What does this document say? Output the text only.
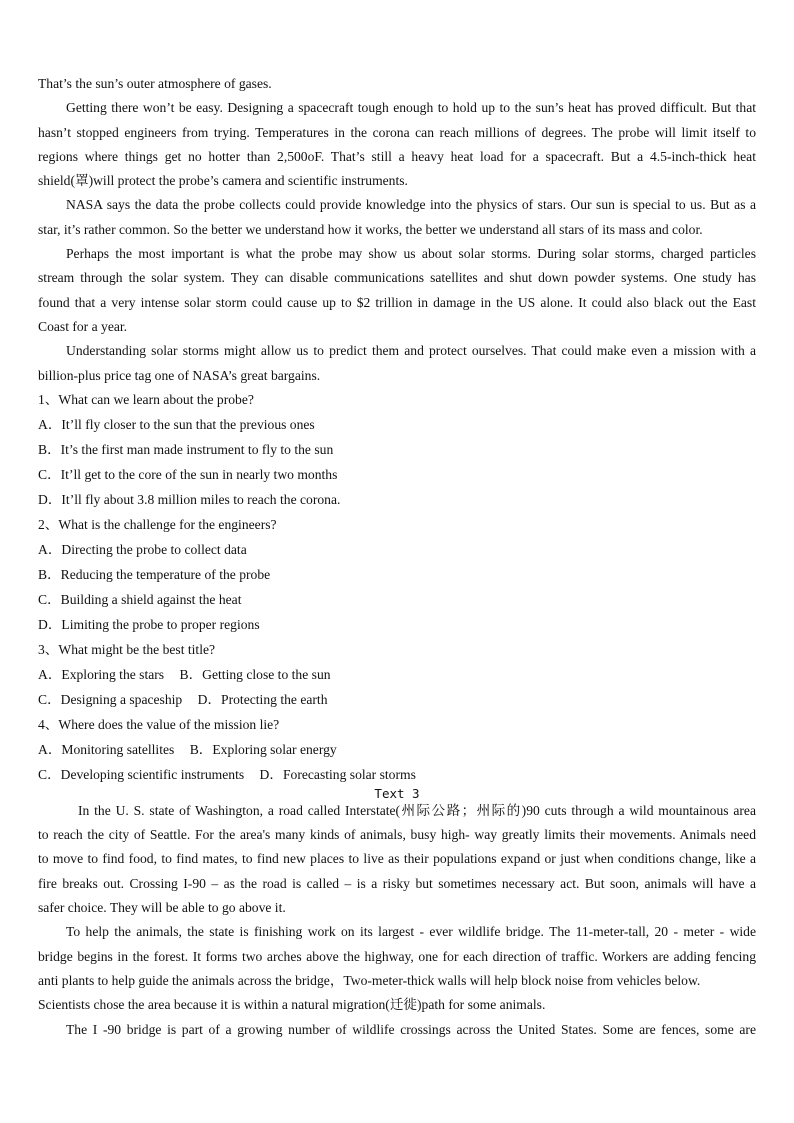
That’s the sun’s outer atmosphere of gases.
Getting there won’t be easy. Designing a spacecraft tough enough to hold up to the sun’s heat has proved difficult. But that
hasn’t stopped engineers from trying. Temperatures in the corona can reach millions of degrees. The probe will limit itself to
regions where things get no hotter than 2,500oF. That’s still a heavy heat load for a spacecraft. But a 4.5-inch-thick heat
shield(罩)will protect the probe’s camera and scientific instruments.
NASA says the data the probe collects could provide knowledge into the physics of stars. Our sun is special to us. But as a
star, it’s rather common. So the better we understand how it works, the better we understand all stars of its mass and color.
Perhaps the most important is what the probe may show us about solar storms. During solar storms, charged particles
stream through the solar system. They can disable communications satellites and shut down powder systems. One study has
found that a very intense solar storm could cause up to $2 trillion in damage in the US alone. It could also black out the East
Coast for a year.
Understanding solar storms might allow us to predict them and protect ourselves. That could make even a mission with a
billion-plus price tag one of NASA’s great bargains.
1、What can we learn about the probe?
A．It’ll fly closer to the sun that the previous ones
B．It’s the first man made instrument to fly to the sun
C．It’ll get to the core of the sun in nearly two months
D．It’ll fly about 3.8 million miles to reach the corona.
2、What is the challenge for the engineers?
A．Directing the probe to collect data
B．Reducing the temperature of the probe
C．Building a shield against the heat
D．Limiting the probe to proper regions
3、What might be the best title?
A．Exploring the stars B．Getting close to the sun
C．Designing a spaceship D．Protecting the earth
4、Where does the value of the mission lie?
A．Monitoring satellites B．Exploring solar energy
C．Developing scientific instruments D．Forecasting solar storms
Text 3
In the U. S. state of Washington, a road called Interstate(州际公路；州际的)90 cuts through a wild mountainous area
to reach the city of Seattle. For the area's many kinds of animals, busy high- way greatly limits their movements. Animals need
to move to find food, to find mates, to find new places to live as their populations expand or just when conditions change, like a
fire breaks out. Crossing I-90 – as the road is called – is a risky but sometimes necessary act. But soon, animals will have a
safer choice. They will be able to go above it.
To help the animals, the state is finishing work on its largest - ever wildlife bridge. The 11-meter-tall, 20 - meter - wide
bridge begins in the forest. It forms two arches above the highway, one for each direction of traffic. Workers are adding fencing
anti plants to help guide the animals across the bridge，Two-meter-thick walls will help block noise from vehicles below.
Scientists chose the area because it is within a natural migration(迁徙)path for some animals.
The I -90 bridge is part of a growing number of wildlife crossings across the United States. Some are fences, some are
